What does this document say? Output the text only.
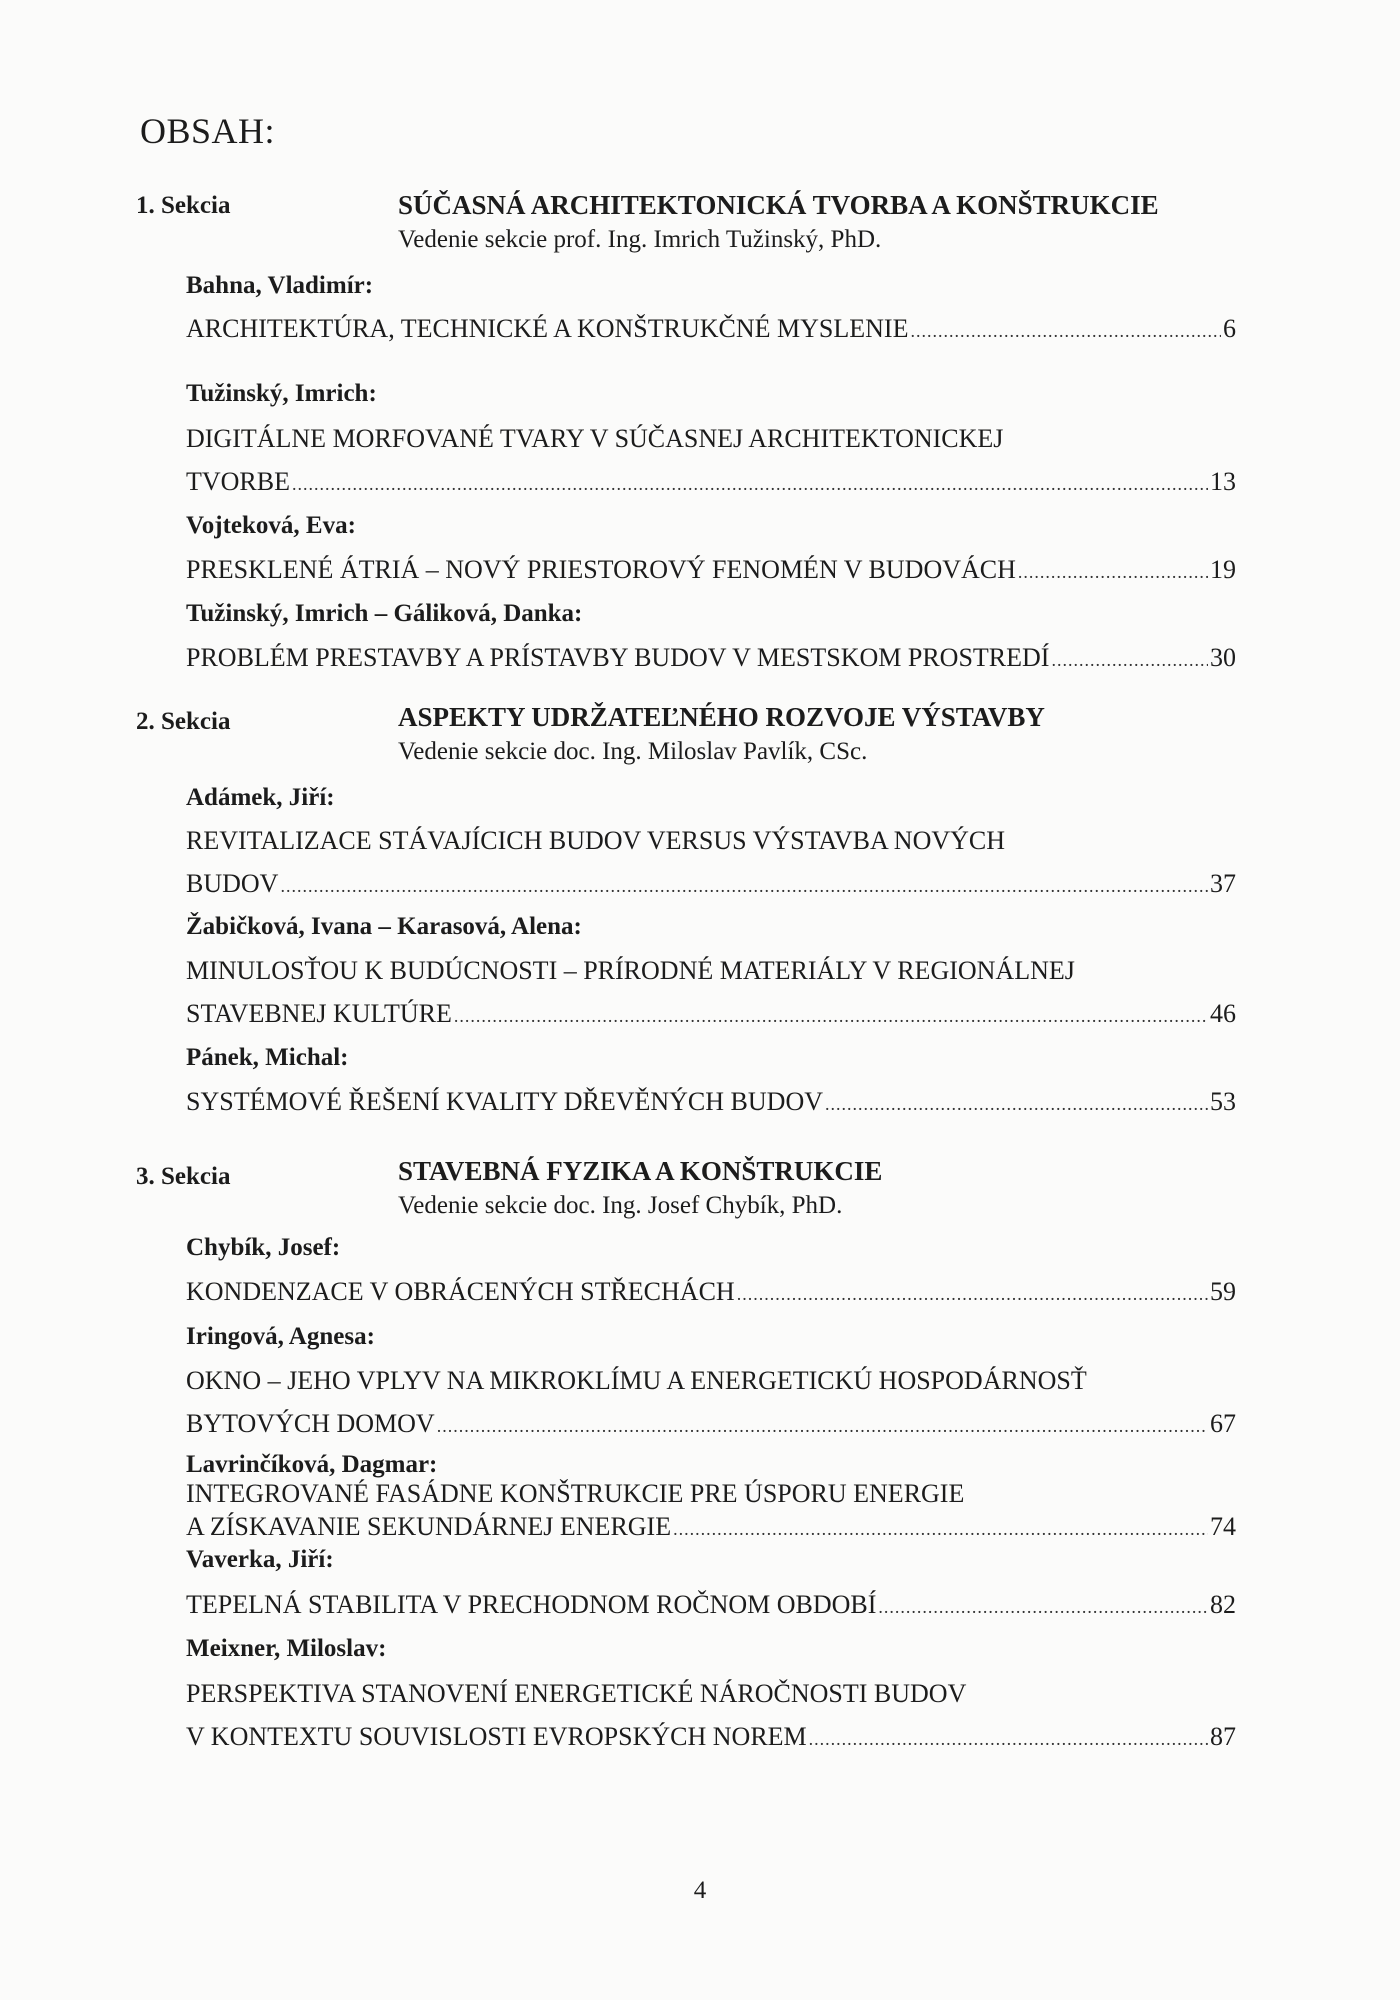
OBSAH:
1. Sekcia	SÚČASNÁ ARCHITEKTONICKÁ TVORBA A KONŠTRUKCIE
Vedenie sekcie prof. Ing. Imrich Tužinský, PhD.
Bahna, Vladimír:
ARCHITEKTÚRA, TECHNICKÉ A KONŠTRUKČNÉ MYSLENIE .....	6
Tužinský, Imrich:
DIGITÁLNE MORFOVANÉ TVARY V SÚČASNEJ ARCHITEKTONICKEJ
TVORBE .....	13
Vojteková, Eva:
PRESKLENÉ ÁTRIÁ – NOVÝ PRIESTOROVÝ FENOMÉN V BUDOVÁCH .....	19
Tužinský, Imrich – Gáliková, Danka:
PROBLÉM PRESTAVBY A PRÍSTAVBY BUDOV V MESTSKOM PROSTREDÍ .....	30
2. Sekcia	ASPEKTY UDRŽATEĽNÉHO ROZVOJE VÝSTAVBY
Vedenie sekcie doc. Ing. Miloslav Pavlík, CSc.
Adámek, Jiří:
REVITALIZACE STÁVAJÍCICH BUDOV VERSUS VÝSTAVBA NOVÝCH
BUDOV .....	37
Žabičková, Ivana – Karasová, Alena:
MINULOSŤOU K BUDÚCNOSTI – PRÍRODNÉ MATERIÁLY V REGIONÁLNEJ
STAVEBNEJ KULTÚRE .....	46
Pánek, Michal:
SYSTÉMOVÉ ŘEŠENÍ KVALITY DŘEVĚNÝCH BUDOV .....	53
3. Sekcia	STAVEBNÁ FYZIKA A KONŠTRUKCIE
Vedenie sekcie doc. Ing. Josef Chybík, PhD.
Chybík, Josef:
KONDENZACE V OBRÁCENÝCH STŘECHÁCH .....	59
Iringová, Agnesa:
OKNO – JEHO VPLYV NA MIKROKLÍMU A ENERGETICKÚ HOSPODÁRNOSŤ
BYTOVÝCH DOMOV .....	67
Lavrinčíková, Dagmar:
INTEGROVANÉ FASÁDNE KONŠTRUKCIE PRE ÚSPORU ENERGIE
A ZÍSKAVANIE SEKUNDÁRNEJ ENERGIE .....	74
Vaverka, Jiří:
TEPELNÁ STABILITA V PRECHODNOM ROČNOM OBDOBÍ .....	82
Meixner, Miloslav:
PERSPEKTIVA STANOVENÍ ENERGETICKÉ NÁROČNOSTI BUDOV
V KONTEXTU SOUVISLOSTI EVROPSKÝCH NOREM .....	87
4
